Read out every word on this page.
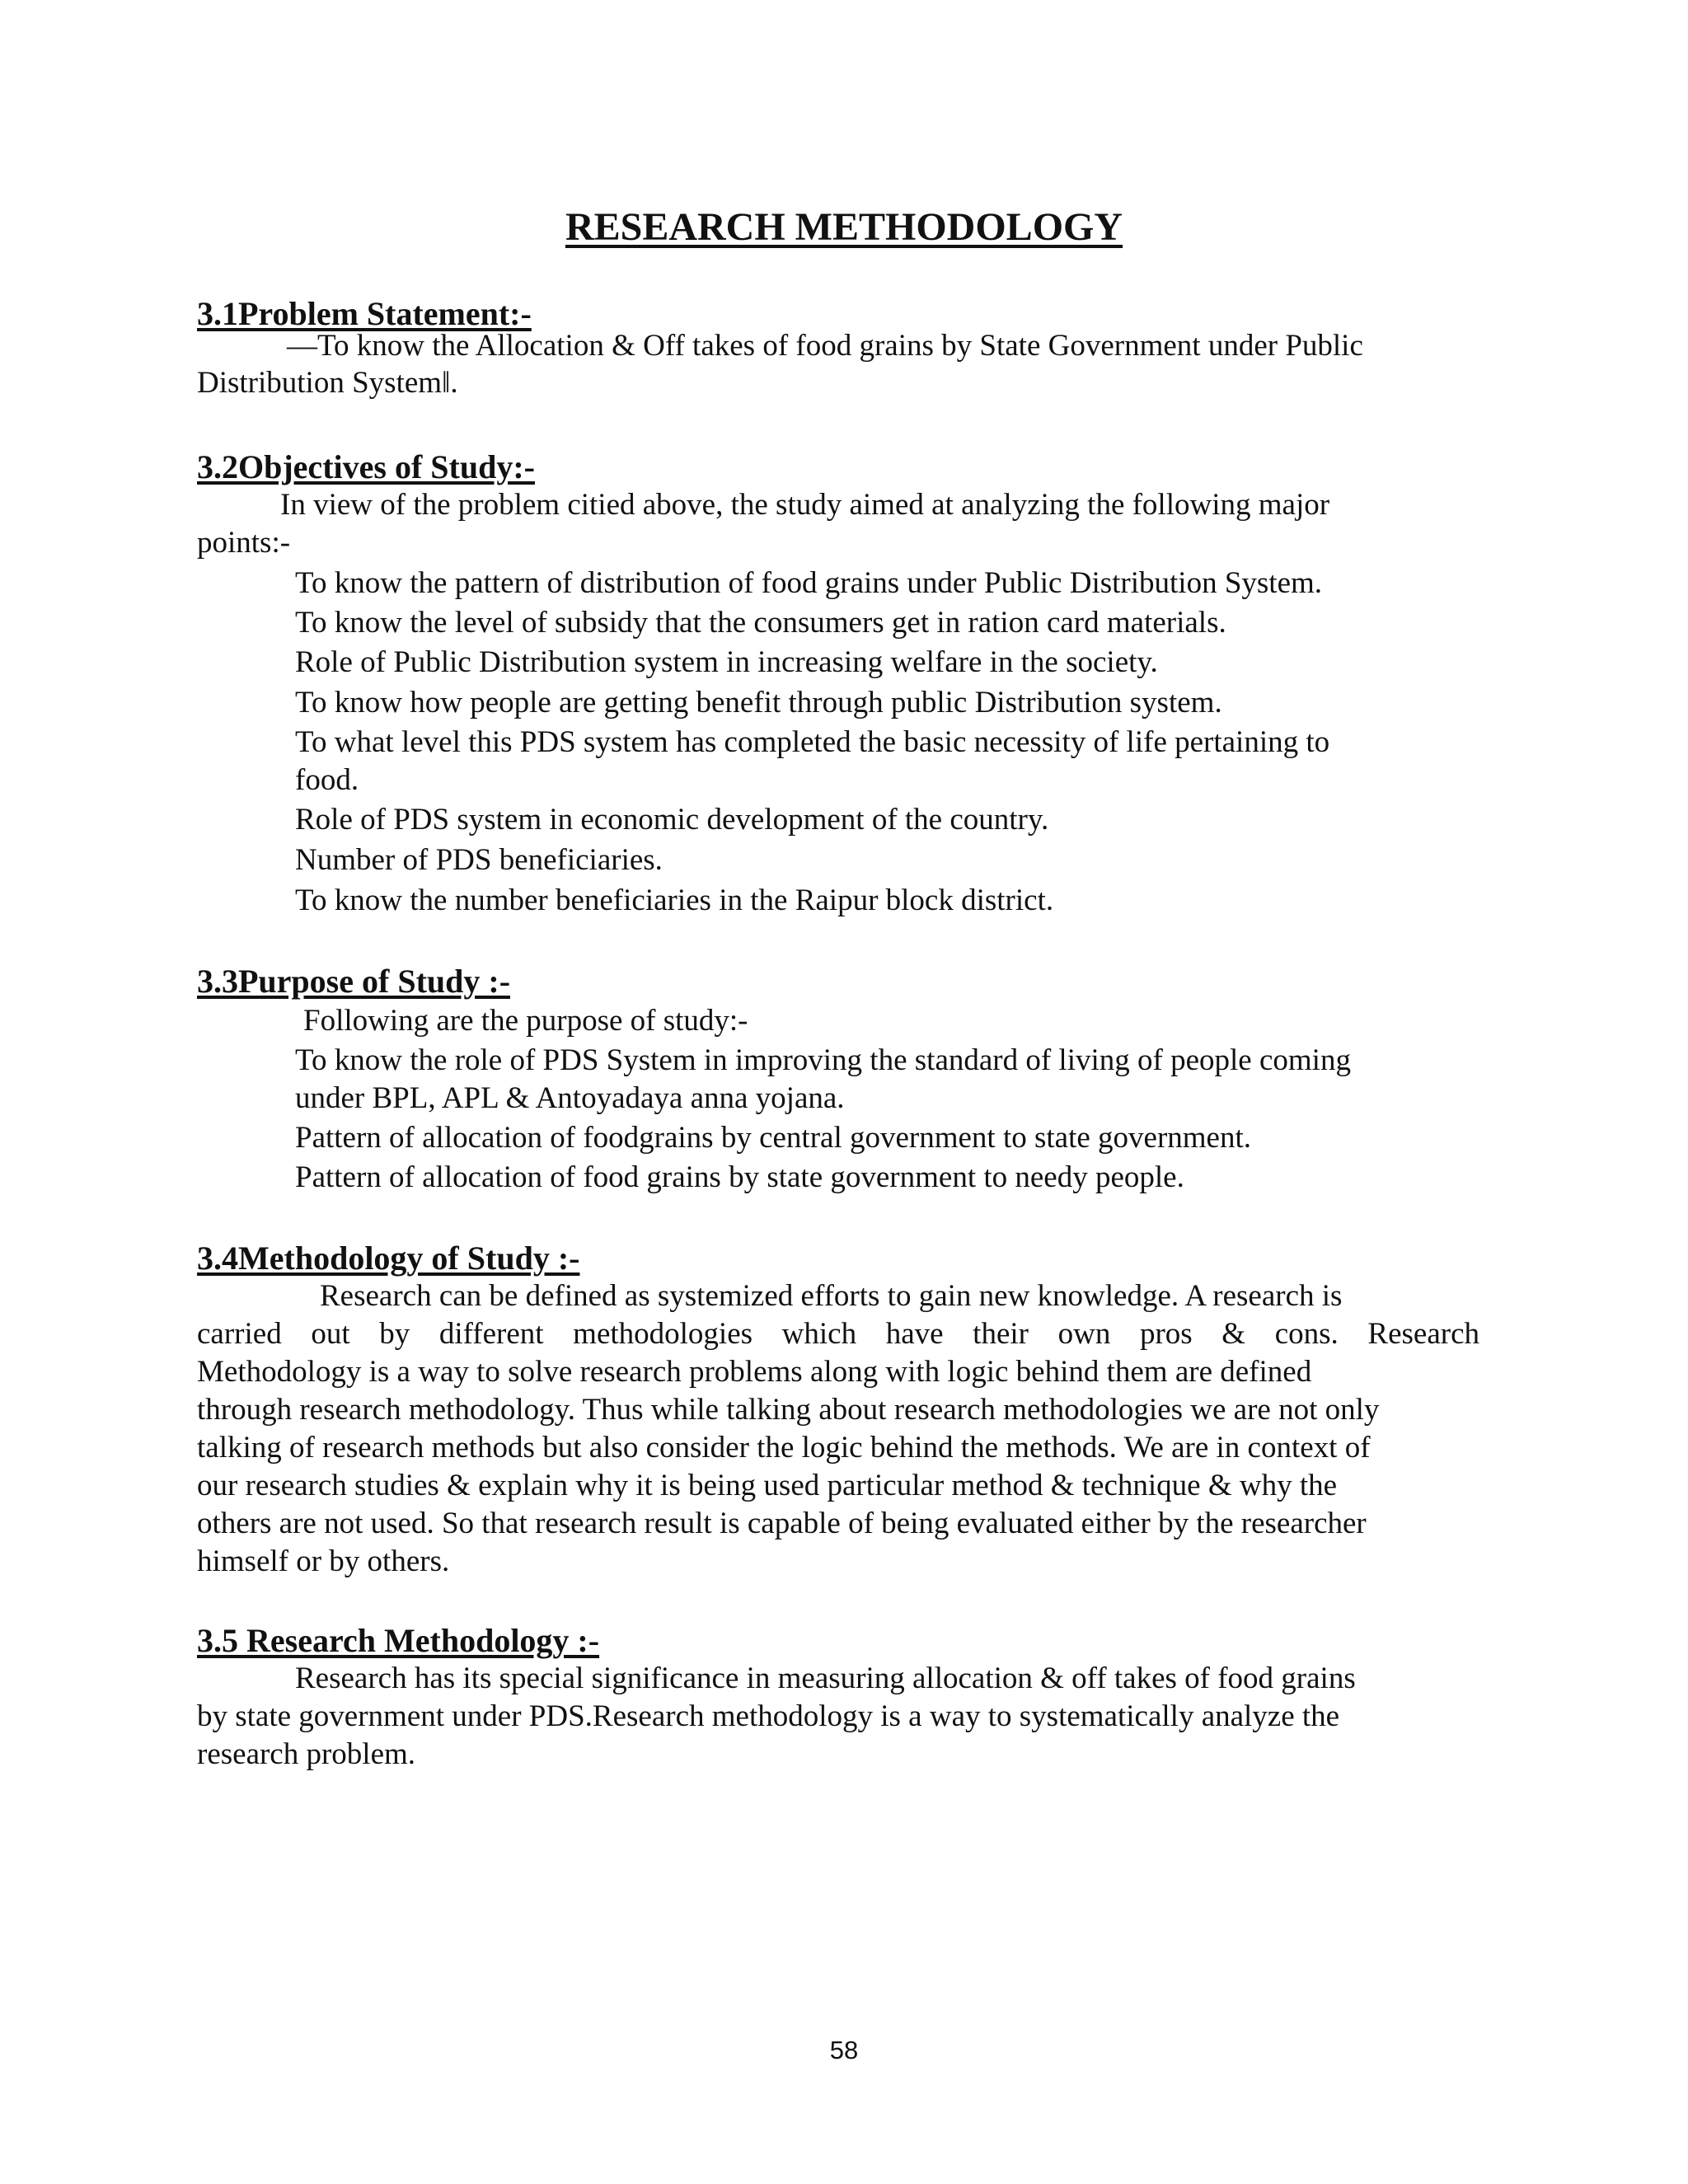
RESEARCH METHODOLOGY
3.1Problem Statement:-
―To know the Allocation & Off takes of food grains by State Government under Public
Distribution System‖.
3.2Objectives of Study:-
In view of the problem citied above, the study aimed at analyzing the following major
points:-
To know the pattern of distribution of food grains under Public Distribution System.
To know the level of subsidy that the consumers get in ration card materials.
Role of Public Distribution system in increasing welfare in the society.
To know how people are getting benefit through public Distribution system.
To what level this PDS system has completed the basic necessity of life pertaining to
food.
Role of PDS system in economic development of the country.
Number of PDS beneficiaries.
To know the number beneficiaries in the Raipur block district.
3.3Purpose of Study :-
Following are the purpose of study:-
To know the role of PDS System in improving the standard of living of people coming
under BPL, APL & Antoyadaya anna yojana.
Pattern of allocation of foodgrains by central government to state government.
Pattern of allocation of food grains by state government to needy people.
3.4Methodology of Study :-
Research can be defined as systemized efforts to gain new knowledge. A research is
carried out by different methodologies which have their own pros & cons. Research
Methodology is a way to solve research problems along with logic behind them are defined
through research methodology. Thus while talking about research methodologies we are not only
talking of research methods but also consider the logic behind the methods. We are in context of
our research studies & explain why it is being used particular method & technique & why the
others are not used. So that research result is capable of being evaluated either by the researcher
himself or by others.
3.5 Research Methodology :-
Research has its special significance in measuring allocation & off takes of food grains
by state government under PDS.Research methodology is a way to systematically analyze the
research problem.
58
